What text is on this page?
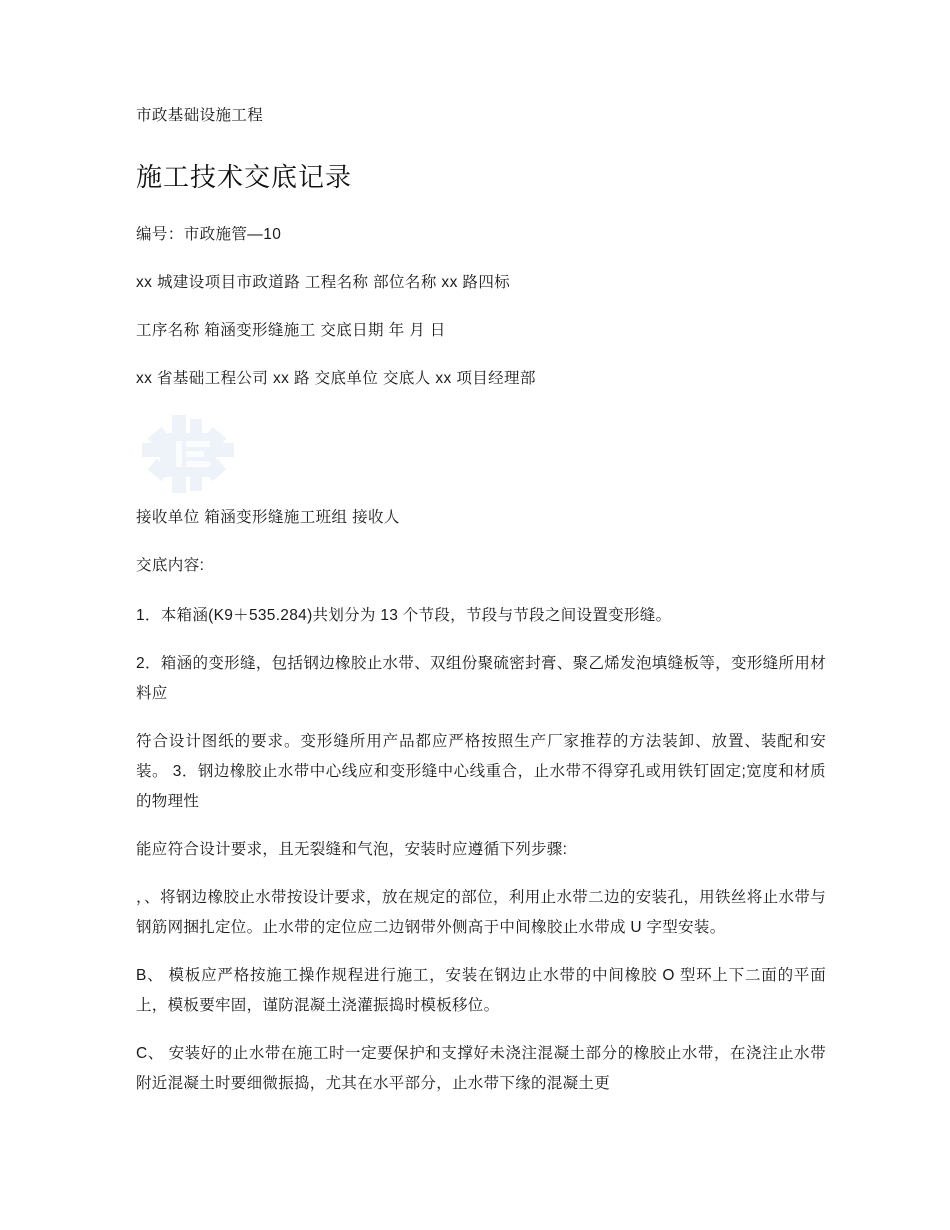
市政基础设施工程

施工技术交底记录

编号：市政施管—10

xx 城建设项目市政道路 工程名称 部位名称 xx 路四标

工序名称 箱涵变形缝施工 交底日期 年 月 日

xx 省基础工程公司 xx 路 交底单位 交底人 xx 项目经理部

接收单位 箱涵变形缝施工班组 接收人

交底内容:

1．本箱涵(K9＋535.284)共划分为 13 个节段，节段与节段之间设置变形缝。

2．箱涵的变形缝，包括钢边橡胶止水带、双组份聚硫密封膏、聚乙烯发泡填缝板等，变形缝所用材料应

符合设计图纸的要求。变形缝所用产品都应严格按照生产厂家推荐的方法装卸、放置、装配和安装。 3．钢边橡胶止水带中心线应和变形缝中心线重合，止水带不得穿孔或用铁钉固定;宽度和材质的物理性

能应符合设计要求，且无裂缝和气泡，安装时应遵循下列步骤:

，、将钢边橡胶止水带按设计要求，放在规定的部位，利用止水带二边的安装孔，用铁丝将止水带与钢筋网捆扎定位。止水带的定位应二边钢带外侧高于中间橡胶止水带成 U 字型安装。

B、 模板应严格按施工操作规程进行施工，安装在钢边止水带的中间橡胶 O 型环上下二面的平面上，模板要牢固，谨防混凝土浇灌振捣时模板移位。

C、 安装好的止水带在施工时一定要保护和支撑好未浇注混凝土部分的橡胶止水带，在浇注止水带附近混凝土时要细微振捣，尤其在水平部分，止水带下缘的混凝土更
